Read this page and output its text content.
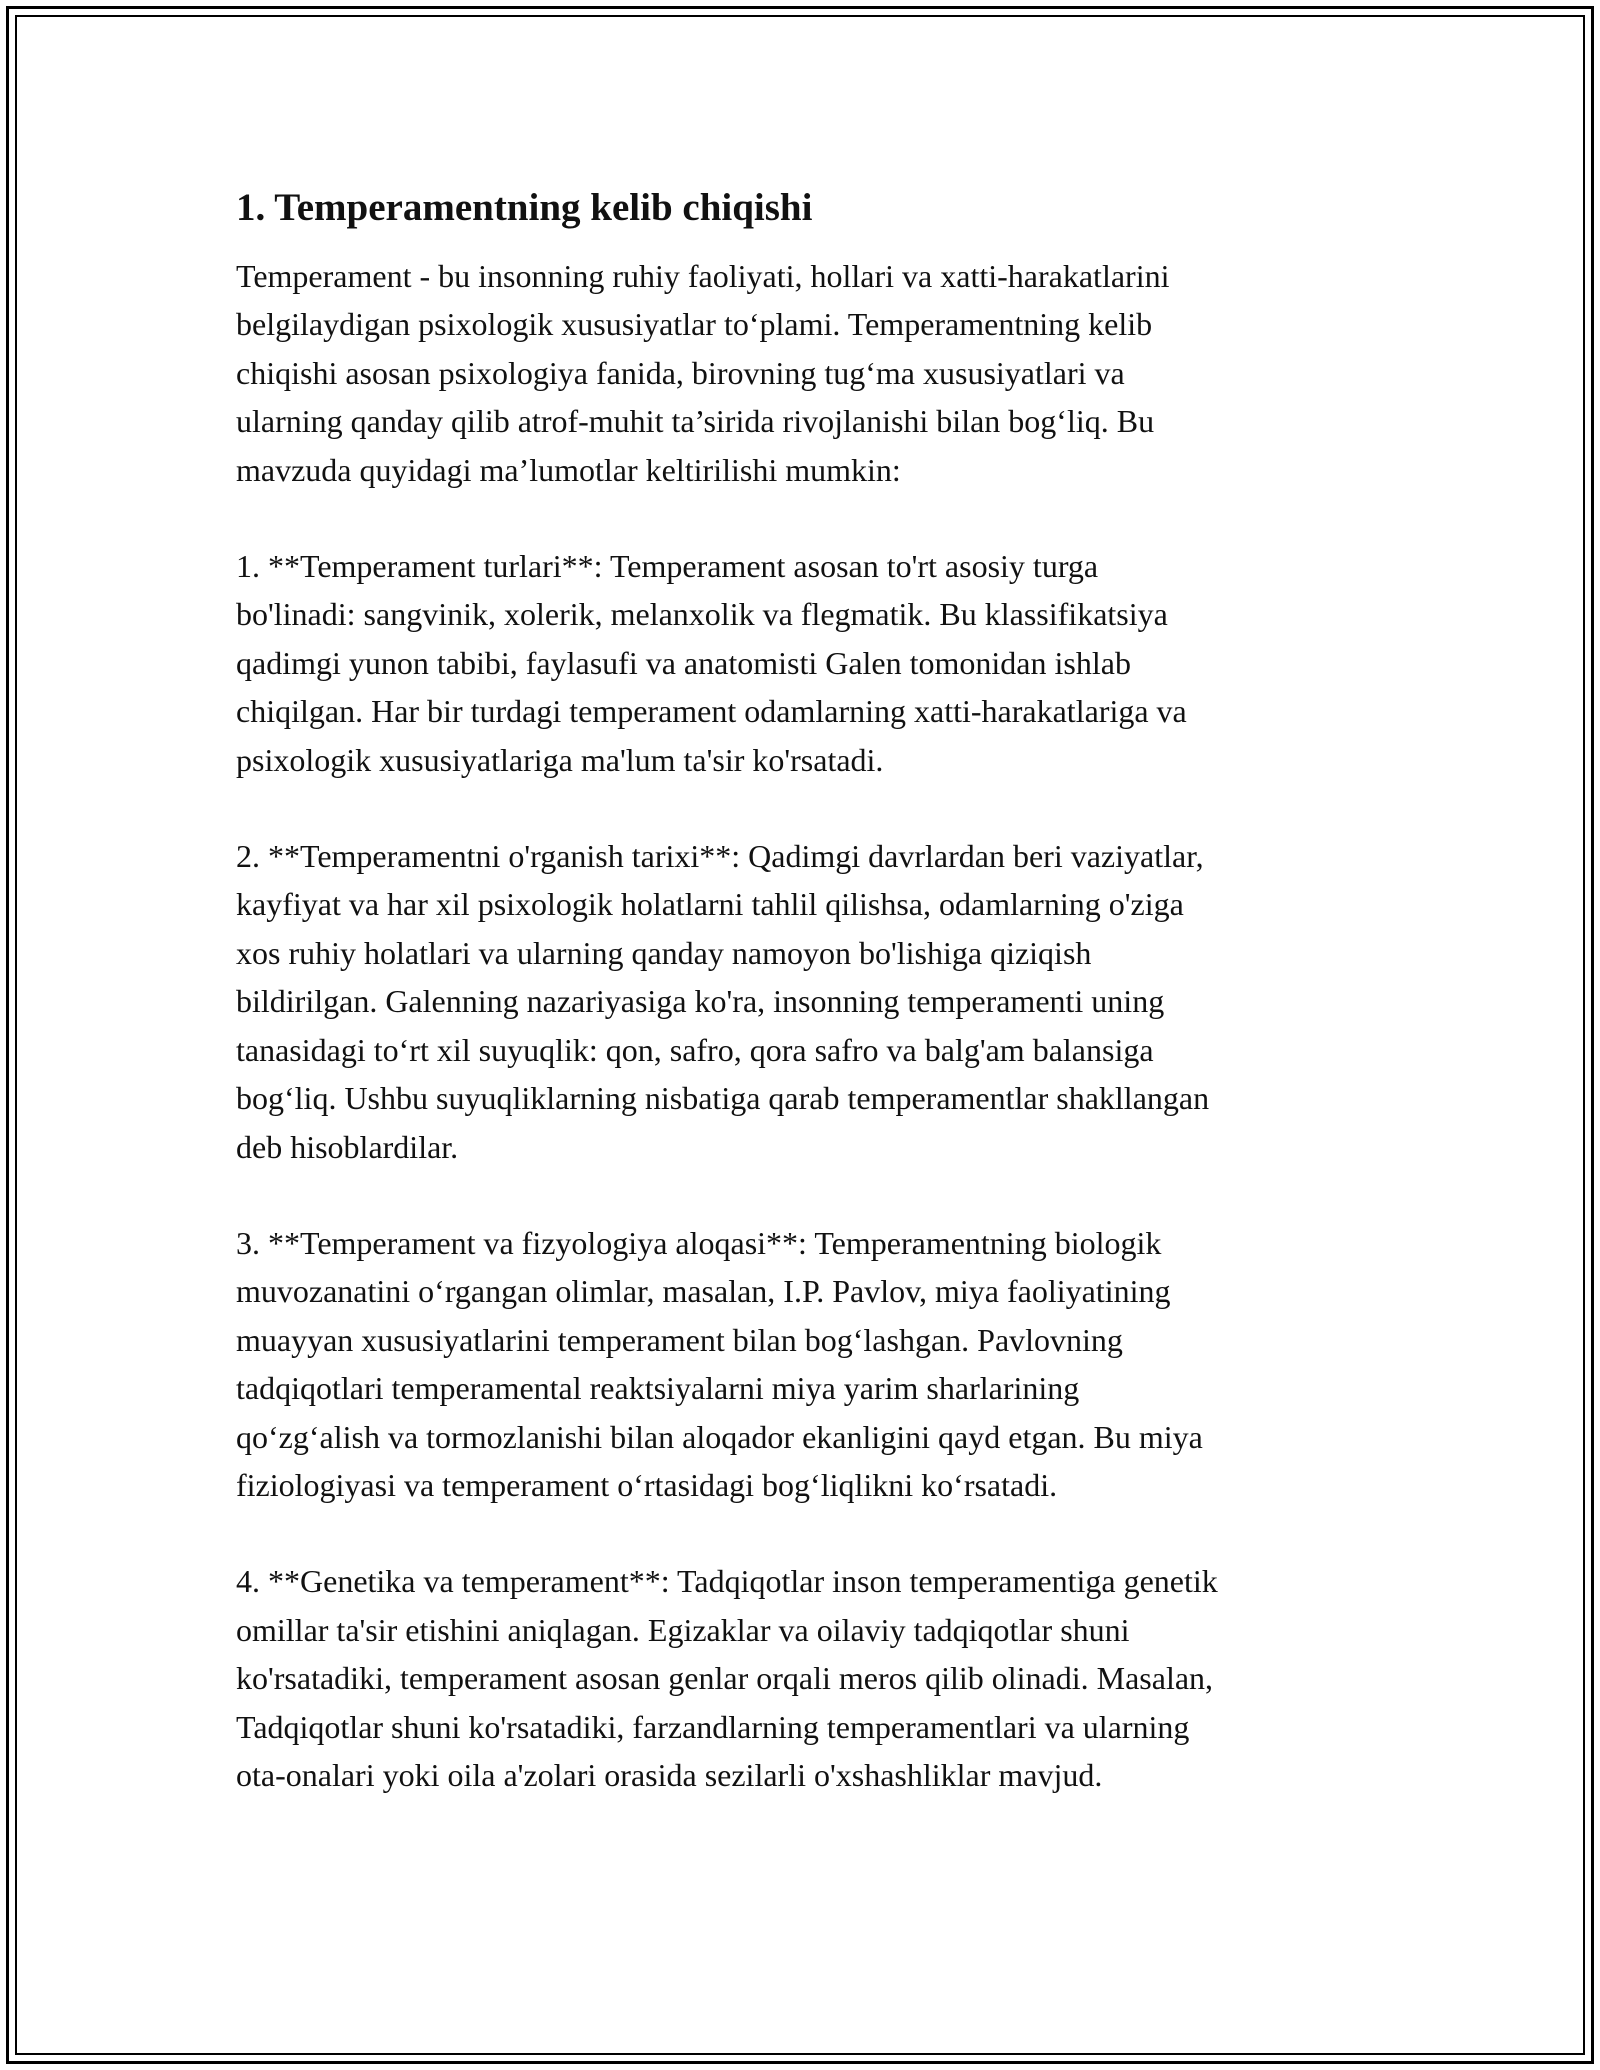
1. Temperamentning kelib chiqishi

Temperament - bu insonning ruhiy faoliyati, hollari va xatti-harakatlarini
belgilaydigan psixologik xususiyatlar to‘plami. Temperamentning kelib
chiqishi asosan psixologiya fanida, birovning tug‘ma xususiyatlari va
ularning qanday qilib atrof-muhit ta’sirida rivojlanishi bilan bog‘liq. Bu
mavzuda quyidagi ma’lumotlar keltirilishi mumkin:

1. **Temperament turlari**: Temperament asosan to'rt asosiy turga
bo'linadi: sangvinik, xolerik, melanxolik va flegmatik. Bu klassifikatsiya
qadimgi yunon tabibi, faylasufi va anatomisti Galen tomonidan ishlab
chiqilgan. Har bir turdagi temperament odamlarning xatti-harakatlariga va
psixologik xususiyatlariga ma'lum ta'sir ko'rsatadi.

2. **Temperamentni o'rganish tarixi**: Qadimgi davrlardan beri vaziyatlar,
kayfiyat va har xil psixologik holatlarni tahlil qilishsa, odamlarning o'ziga
xos ruhiy holatlari va ularning qanday namoyon bo'lishiga qiziqish
bildirilgan. Galenning nazariyasiga ko'ra, insonning temperamenti uning
tanasidagi to‘rt xil suyuqlik: qon, safro, qora safro va balg'am balansiga
bog‘liq. Ushbu suyuqliklarning nisbatiga qarab temperamentlar shakllangan
deb hisoblardilar.

3. **Temperament va fizyologiya aloqasi**: Temperamentning biologik
muvozanatini o‘rgangan olimlar, masalan, I.P. Pavlov, miya faoliyatining
muayyan xususiyatlarini temperament bilan bog‘lashgan. Pavlovning
tadqiqotlari temperamental reaktsiyalarni miya yarim sharlarining
qo‘zg‘alish va tormozlanishi bilan aloqador ekanligini qayd etgan. Bu miya
fiziologiyasi va temperament o‘rtasidagi bog‘liqlikni ko‘rsatadi.

4. **Genetika va temperament**: Tadqiqotlar inson temperamentiga genetik
omillar ta'sir etishini aniqlagan. Egizaklar va oilaviy tadqiqotlar shuni
ko'rsatadiki, temperament asosan genlar orqali meros qilib olinadi. Masalan,
Tadqiqotlar shuni ko'rsatadiki, farzandlarning temperamentlari va ularning
ota-onalari yoki oila a'zolari orasida sezilarli o'xshashliklar mavjud.
